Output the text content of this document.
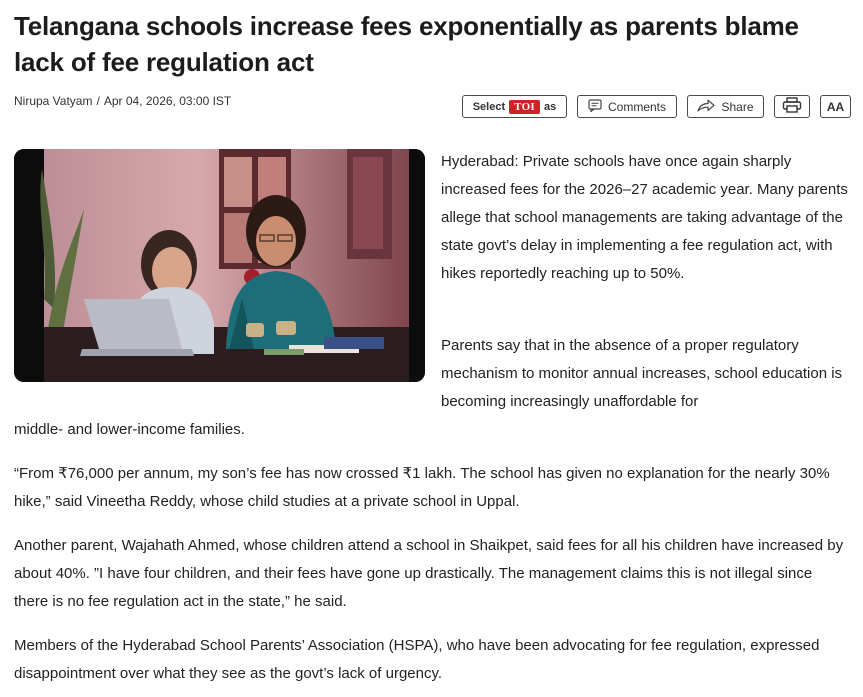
Telangana schools increase fees exponentially as parents blame lack of fee regulation act
Nirupa Vatyam / Apr 04, 2026, 03:00 IST	Select TOI as	Comments	Share	AA

Hyderabad: Private schools have once again sharply increased fees for the 2026–27 academic year. Many parents allege that school managements are taking advantage of the state govt’s delay in implementing a fee regulation act, with hikes reportedly reaching up to 50%.

Parents say that in the absence of a proper regulatory mechanism to monitor annual increases, school education is becoming increasingly unaffordable for

middle- and lower-income families.

“From ₹76,000 per annum, my son’s fee has now crossed ₹1 lakh. The school has given no explanation for the nearly 30% hike,” said Vineetha Reddy, whose child studies at a private school in Uppal.

Another parent, Wajahath Ahmed, whose children attend a school in Shaikpet, said fees for all his children have increased by about 40%. ”I have four children, and their fees have gone up drastically. The management claims this is not illegal since there is no fee regulation act in the state,” he said.

Members of the Hyderabad School Parents’ Association (HSPA), who have been advocating for fee regulation, expressed disappointment over what they see as the govt’s lack of urgency.
